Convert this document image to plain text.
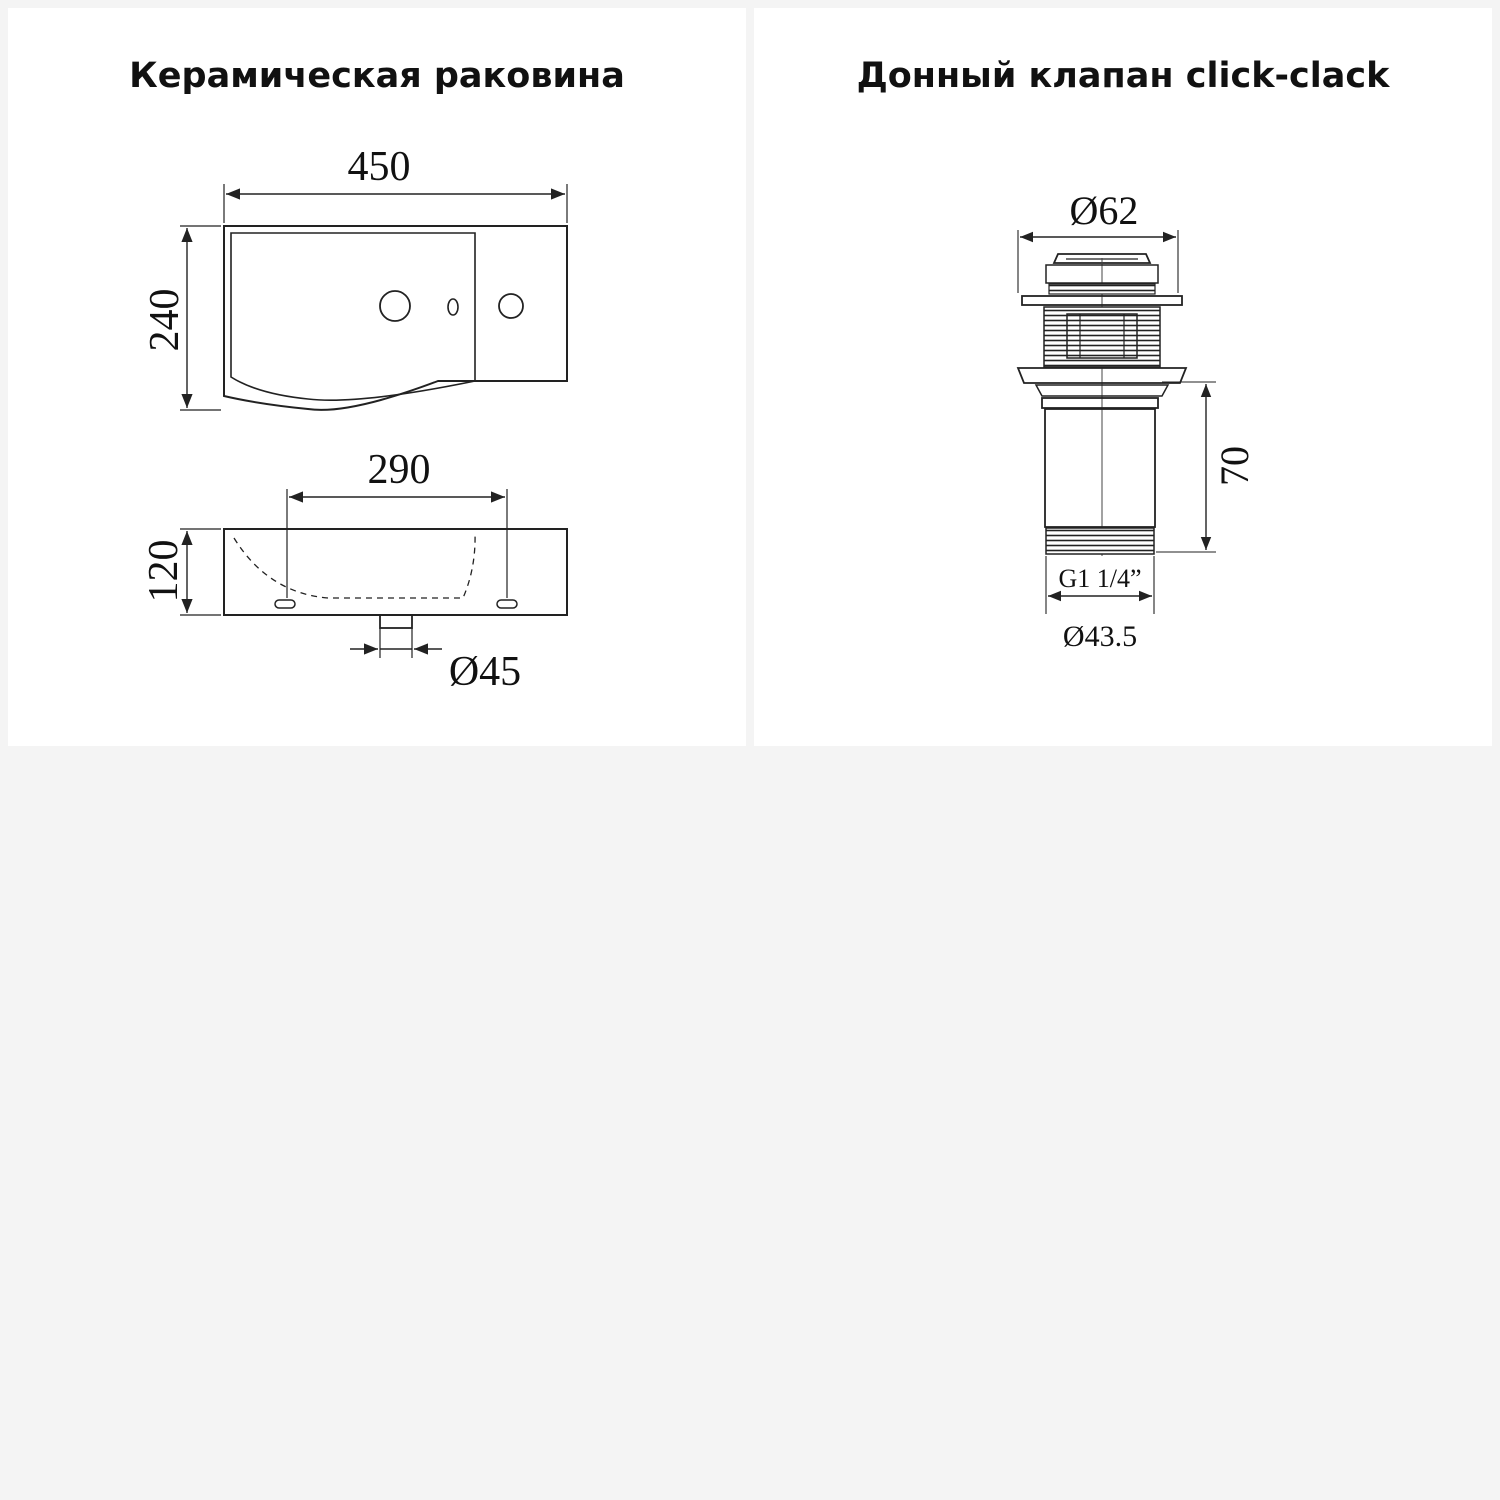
Керамическая раковина
450
240
290
120
Ø45
Донный клапан click-clack
Ø62
70
G1 1/4”
Ø43.5
